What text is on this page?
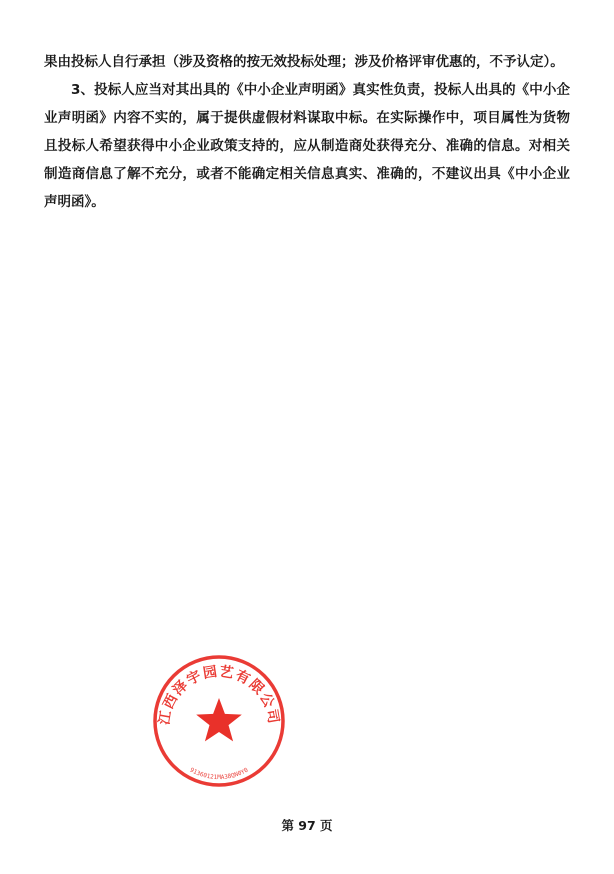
果由投标人自行承担（涉及资格的按无效投标处理；涉及价格评审优惠的，不予认定）。

3、投标人应当对其出具的《中小企业声明函》真实性负责，投标人出具的《中小企业声明函》内容不实的，属于提供虚假材料谋取中标。在实际操作中，项目属性为货物且投标人希望获得中小企业政策支持的，应从制造商处获得充分、准确的信息。对相关制造商信息了解不充分，或者不能确定相关信息真实、准确的，不建议出具《中小企业声明函》。

江西泽宇园艺有限公司
91360121MA38QN0Y0
第 97 页
